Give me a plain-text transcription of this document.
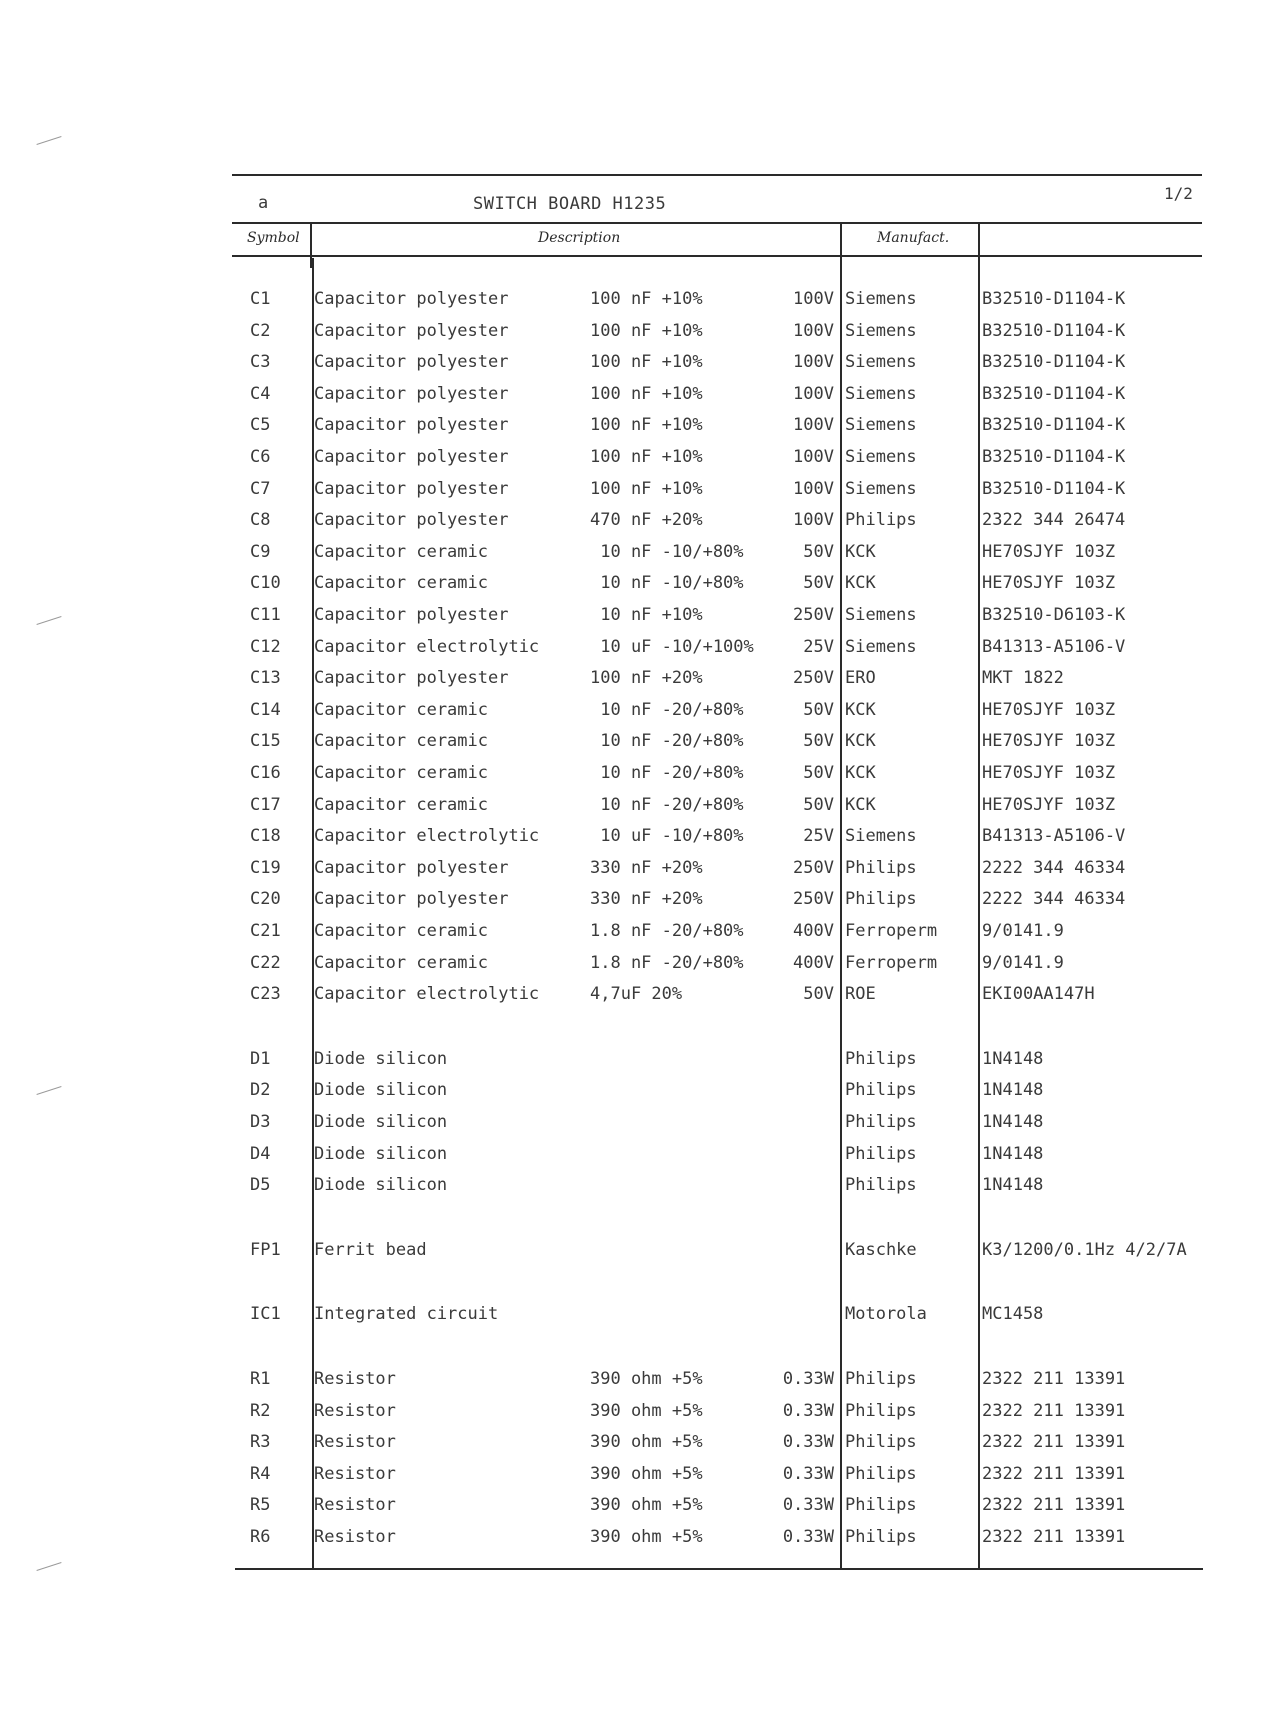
a	SWITCH BOARD H1235
1/2
Symbol	Description	Manufact.
C1	Capacitor polyester	100 nF +10%	100V Siemens	B32510-D1104-K
C2	Capacitor polyester	100 nF +10%	100V Siemens	B32510-D1104-K
C3	Capacitor polyester	100 nF +10%	100V Siemens	B32510-D1104-K
C4	Capacitor polyester	100 nF +10%	100V Siemens	B32510-D1104-K
C5	Capacitor polyester	100 nF +10%	100V Siemens	B32510-D1104-K
C6	Capacitor polyester	100 nF +10%	100V Siemens	B32510-D1104-K
C7	Capacitor polyester	100 nF +10%	100V Siemens	B32510-D1104-K
C8	Capacitor polyester	470 nF +20%	100V Philips	2322 344 26474
C9	Capacitor ceramic	10 nF -10/+80%	50V KCK	HE70SJYF 103Z
C10 Capacitor ceramic	10 nF -10/+80%	50V KCK	HE70SJYF 103Z
C11 Capacitor polyester	10 nF +10%	250V Siemens	B32510-D6103-K
C12 Capacitor electrolytic	10 uF -10/+100%	25V Siemens	B41313-A5106-V
C13 Capacitor polyester	100 nF +20%	250V ERO	MKT 1822
C14 Capacitor ceramic	10 nF -20/+80%	50V KCK	HE70SJYF 103Z
C15 Capacitor ceramic	10 nF -20/+80%	50V KCK	HE70SJYF 103Z
C16 Capacitor ceramic	10 nF -20/+80%	50V KCK	HE70SJYF 103Z
C17 Capacitor ceramic	10 nF -20/+80%	50V KCK	HE70SJYF 103Z
C18 Capacitor electrolytic	10 uF -10/+80%	25V Siemens	B41313-A5106-V
C19 Capacitor polyester	330 nF +20%	250V Philips	2222 344 46334
C20 Capacitor polyester	330 nF +20%	250V Philips	2222 344 46334
C21 Capacitor ceramic	1.8 nF -20/+80%	400V Ferroperm	9/0141.9
C22 Capacitor ceramic	1.8 nF -20/+80%	400V Ferroperm	9/0141.9
C23 Capacitor electrolytic	4,7uF 20%	50V ROE	EKI00AA147H
D1	Diode silicon	Philips	1N4148
D2	Diode silicon	Philips	1N4148
D3	Diode silicon	Philips	1N4148
D4	Diode silicon	Philips	1N4148
D5	Diode silicon	Philips	1N4148
FP1 Ferrit bead	Kaschke	K3/1200/0.1Hz 4/2/7A
IC1 Integrated circuit	Motorola	MC1458
R1	Resistor	390 ohm +5%	0.33W Philips	2322 211 13391
R2	Resistor	390 ohm +5%	0.33W Philips	2322 211 13391
R3	Resistor	390 ohm +5%	0.33W Philips	2322 211 13391
R4	Resistor	390 ohm +5%	0.33W Philips	2322 211 13391
R5	Resistor	390 ohm +5%	0.33W Philips	2322 211 13391
R6	Resistor	390 ohm +5%	0.33W Philips	2322 211 13391
